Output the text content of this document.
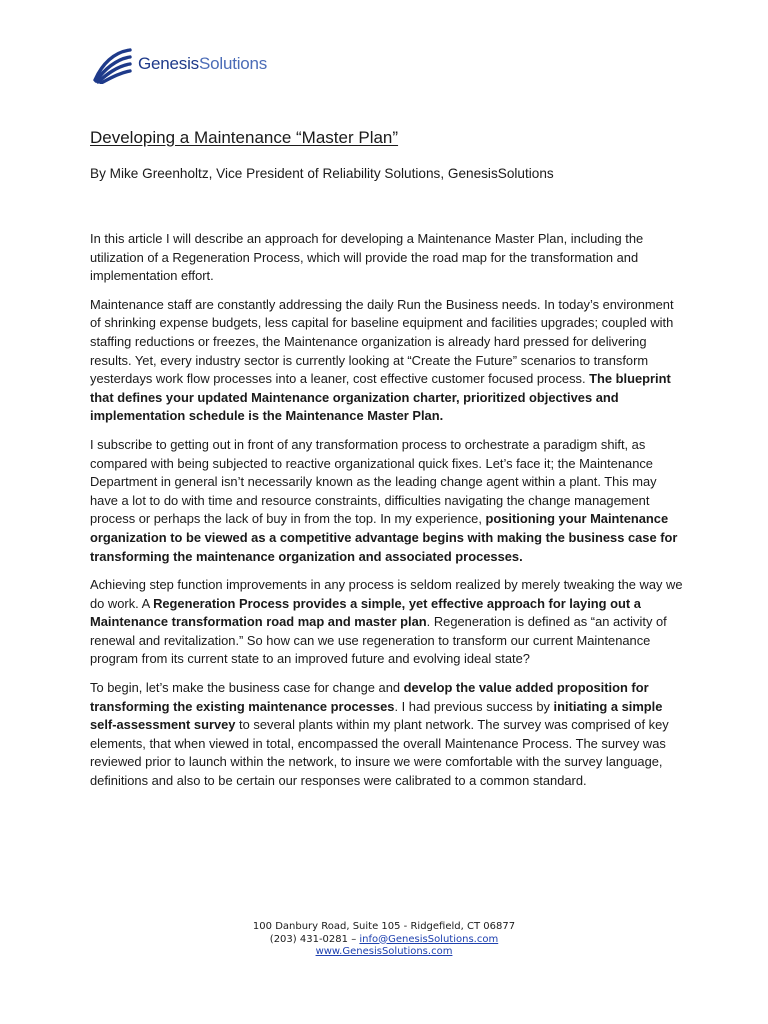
GenesisSolutions
Developing a Maintenance “Master Plan”

By Mike Greenholtz, Vice President of Reliability Solutions, GenesisSolutions

In this article I will describe an approach for developing a Maintenance Master Plan, including the utilization of a Regeneration Process, which will provide the road map for the transformation and implementation effort.

Maintenance staff are constantly addressing the daily Run the Business needs. In today’s environment of shrinking expense budgets, less capital for baseline equipment and facilities upgrades; coupled with staffing reductions or freezes, the Maintenance organization is already hard pressed for delivering results. Yet, every industry sector is currently looking at “Create the Future” scenarios to transform yesterdays work flow processes into a leaner, cost effective customer focused process. The blueprint that defines your updated Maintenance organization charter, prioritized objectives and implementation schedule is the Maintenance Master Plan.

I subscribe to getting out in front of any transformation process to orchestrate a paradigm shift, as compared with being subjected to reactive organizational quick fixes. Let’s face it; the Maintenance Department in general isn’t necessarily known as the leading change agent within a plant. This may have a lot to do with time and resource constraints, difficulties navigating the change management process or perhaps the lack of buy in from the top. In my experience, positioning your Maintenance organization to be viewed as a competitive advantage begins with making the business case for transforming the maintenance organization and associated processes.

Achieving step function improvements in any process is seldom realized by merely tweaking the way we do work. A Regeneration Process provides a simple, yet effective approach for laying out a Maintenance transformation road map and master plan. Regeneration is defined as “an activity of renewal and revitalization.” So how can we use regeneration to transform our current Maintenance program from its current state to an improved future and evolving ideal state?

To begin, let’s make the business case for change and develop the value added proposition for transforming the existing maintenance processes. I had previous success by initiating a simple self-assessment survey to several plants within my plant network. The survey was comprised of key elements, that when viewed in total, encompassed the overall Maintenance Process. The survey was reviewed prior to launch within the network, to insure we were comfortable with the survey language, definitions and also to be certain our responses were calibrated to a common standard.

100 Danbury Road, Suite 105 - Ridgefield, CT 06877
(203) 431-0281 – info@GenesisSolutions.com
www.GenesisSolutions.com
